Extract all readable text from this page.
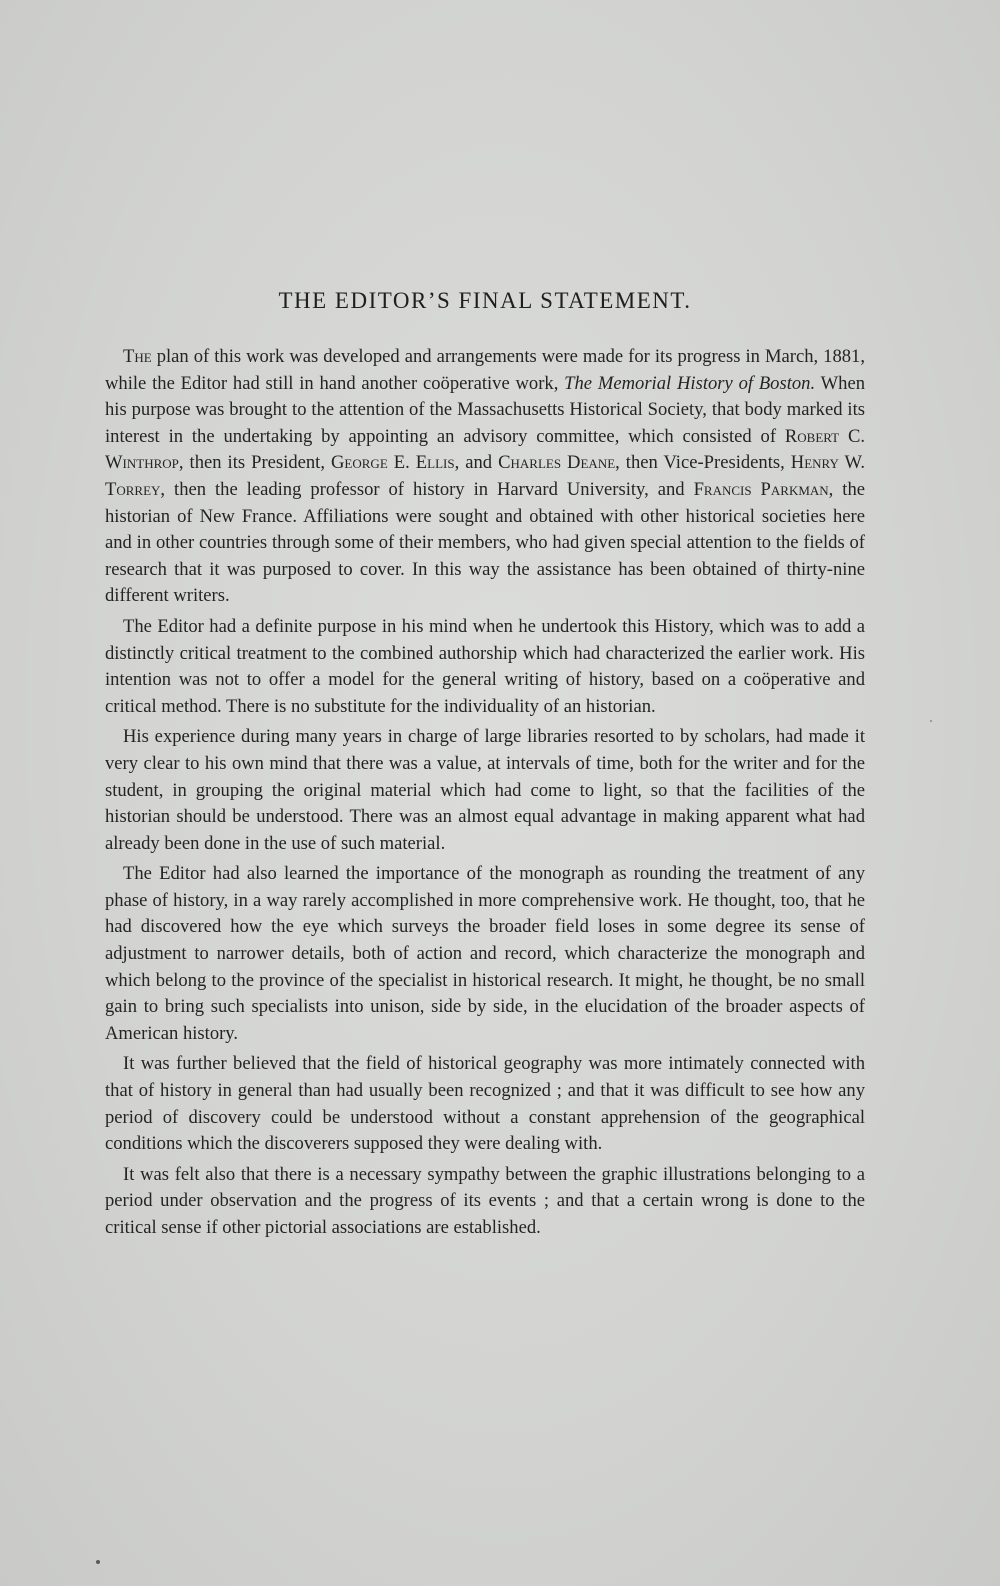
THE EDITOR’S FINAL STATEMENT.

The plan of this work was developed and arrangements were made for its progress in March, 1881, while the Editor had still in hand another coöperative work, The Memorial History of Boston. When his purpose was brought to the attention of the Massachusetts Historical Society, that body marked its interest in the undertaking by appointing an advisory committee, which consisted of Robert C. Winthrop, then its President, George E. Ellis, and Charles Deane, then Vice-Presidents, Henry W. Torrey, then the leading professor of history in Harvard University, and Francis Parkman, the historian of New France. Affiliations were sought and obtained with other historical societies here and in other countries through some of their members, who had given special attention to the fields of research that it was purposed to cover. In this way the assistance has been obtained of thirty-nine different writers.

The Editor had a definite purpose in his mind when he undertook this History, which was to add a distinctly critical treatment to the combined authorship which had characterized the earlier work. His intention was not to offer a model for the general writing of history, based on a coöperative and critical method. There is no substitute for the individuality of an historian.

His experience during many years in charge of large libraries resorted to by scholars, had made it very clear to his own mind that there was a value, at intervals of time, both for the writer and for the student, in grouping the original material which had come to light, so that the facilities of the historian should be understood. There was an almost equal advantage in making apparent what had already been done in the use of such material.

The Editor had also learned the importance of the monograph as rounding the treatment of any phase of history, in a way rarely accomplished in more comprehensive work. He thought, too, that he had discovered how the eye which surveys the broader field loses in some degree its sense of adjustment to narrower details, both of action and record, which characterize the monograph and which belong to the province of the specialist in historical research. It might, he thought, be no small gain to bring such specialists into unison, side by side, in the elucidation of the broader aspects of American history.

It was further believed that the field of historical geography was more intimately connected with that of history in general than had usually been recognized ; and that it was difficult to see how any period of discovery could be understood without a constant apprehension of the geographical conditions which the discoverers supposed they were dealing with.

It was felt also that there is a necessary sympathy between the graphic illustrations belonging to a period under observation and the progress of its events ; and that a certain wrong is done to the critical sense if other pictorial associations are established.
